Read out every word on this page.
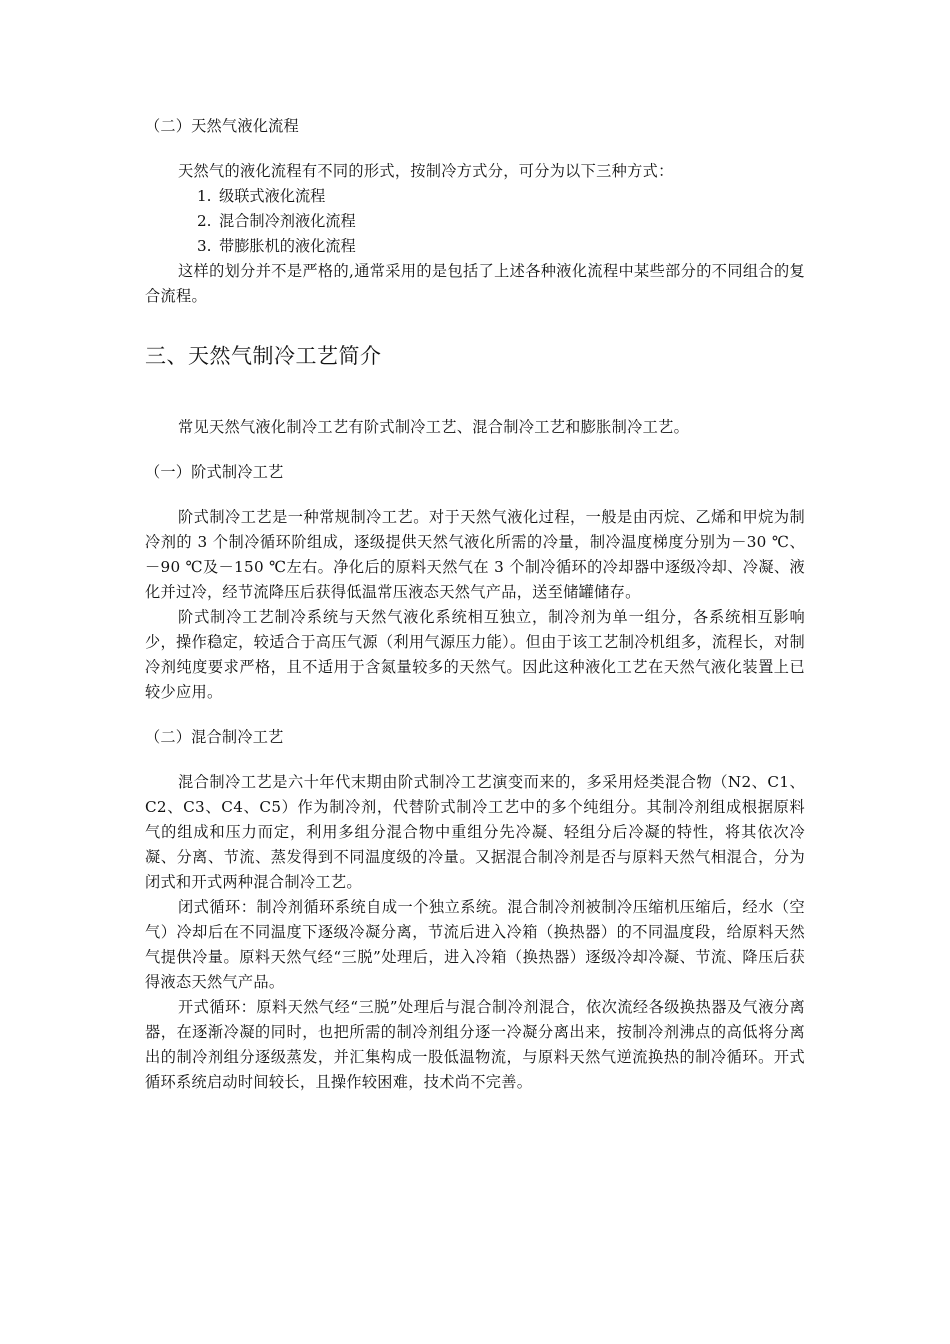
（二）天然气液化流程

天然气的液化流程有不同的形式，按制冷方式分，可分为以下三种方式：

1. 级联式液化流程
2. 混合制冷剂液化流程
3. 带膨胀机的液化流程

这样的划分并不是严格的,通常采用的是包括了上述各种液化流程中某些部分的不同组合的复合流程。

三、天然气制冷工艺简介

常见天然气液化制冷工艺有阶式制冷工艺、混合制冷工艺和膨胀制冷工艺。

（一）阶式制冷工艺

阶式制冷工艺是一种常规制冷工艺。对于天然气液化过程，一般是由丙烷、乙烯和甲烷为制冷剂的 3 个制冷循环阶组成，逐级提供天然气液化所需的冷量，制冷温度梯度分别为－30 ℃、－90 ℃及－150 ℃左右。净化后的原料天然气在 3 个制冷循环的冷却器中逐级冷却、冷凝、液化并过冷，经节流降压后获得低温常压液态天然气产品，送至储罐储存。

阶式制冷工艺制冷系统与天然气液化系统相互独立，制冷剂为单一组分，各系统相互影响少，操作稳定，较适合于高压气源（利用气源压力能）。但由于该工艺制冷机组多，流程长，对制冷剂纯度要求严格，且不适用于含氮量较多的天然气。因此这种液化工艺在天然气液化装置上已较少应用。

（二）混合制冷工艺

混合制冷工艺是六十年代末期由阶式制冷工艺演变而来的，多采用烃类混合物（N2、C1、C2、C3、C4、C5）作为制冷剂，代替阶式制冷工艺中的多个纯组分。其制冷剂组成根据原料气的组成和压力而定，利用多组分混合物中重组分先冷凝、轻组分后冷凝的特性，将其依次冷凝、分离、节流、蒸发得到不同温度级的冷量。又据混合制冷剂是否与原料天然气相混合，分为闭式和开式两种混合制冷工艺。

闭式循环：制冷剂循环系统自成一个独立系统。混合制冷剂被制冷压缩机压缩后，经水（空气）冷却后在不同温度下逐级冷凝分离，节流后进入冷箱（换热器）的不同温度段，给原料天然气提供冷量。原料天然气经“三脱”处理后，进入冷箱（换热器）逐级冷却冷凝、节流、降压后获得液态天然气产品。

开式循环：原料天然气经“三脱”处理后与混合制冷剂混合，依次流经各级换热器及气液分离器，在逐渐冷凝的同时，也把所需的制冷剂组分逐一冷凝分离出来，按制冷剂沸点的高低将分离出的制冷剂组分逐级蒸发，并汇集构成一股低温物流，与原料天然气逆流换热的制冷循环。开式循环系统启动时间较长，且操作较困难，技术尚不完善。
